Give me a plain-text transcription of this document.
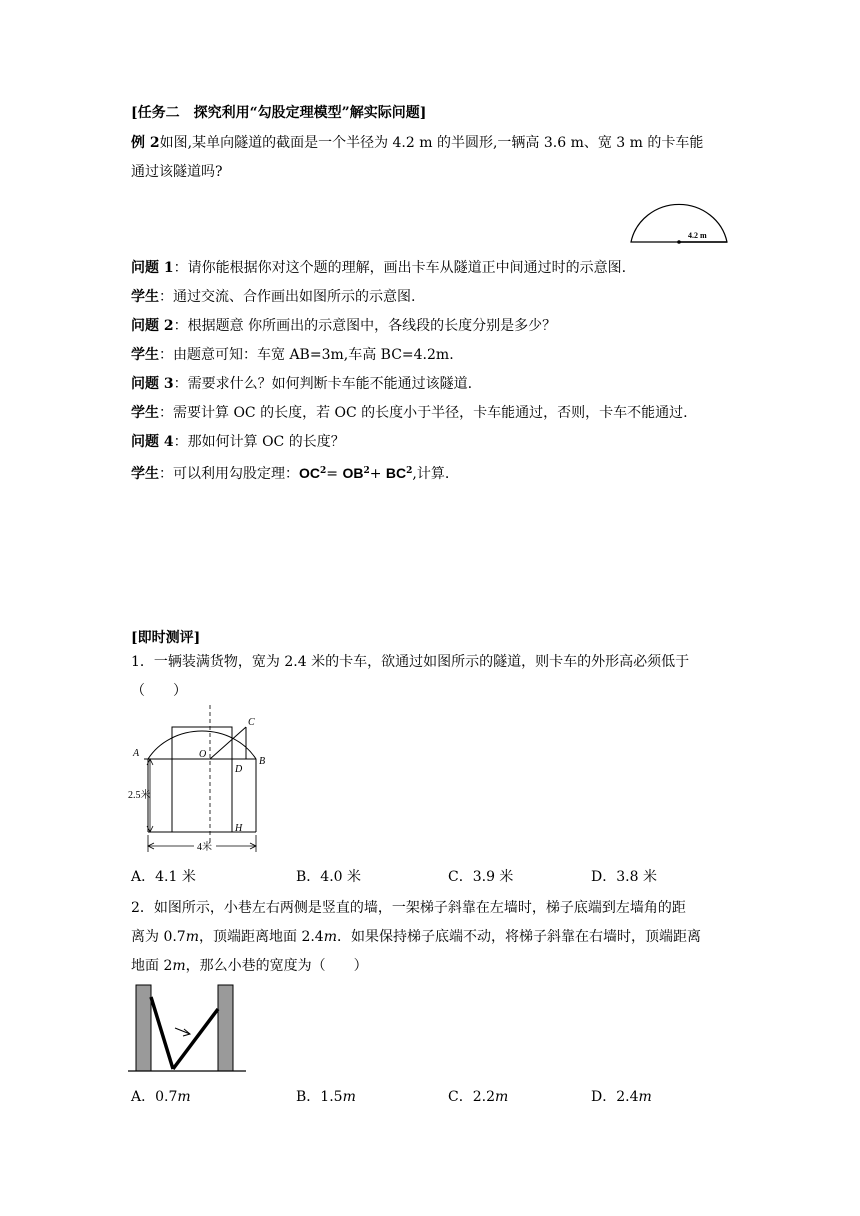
[任务二　探究利用“勾股定理模型”解实际问题]
例 2如图,某单向隧道的截面是一个半径为 4.2 m 的半圆形,一辆高 3.6 m、宽 3 m 的卡车能
通过该隧道吗?
4.2 m
问题 1：请你能根据你对这个题的理解，画出卡车从隧道正中间通过时的示意图.
学生：通过交流、合作画出如图所示的示意图.
问题 2：根据题意 你所画出的示意图中，各线段的长度分别是多少？
学生：由题意可知：车宽 AB=3m,车高 BC=4.2m.
问题 3：需要求什么？如何判断卡车能不能通过该隧道.
学生：需要计算 OC 的长度，若 OC 的长度小于半径，卡车能通过，否则，卡车不能通过.
问题 4：那如何计算 OC 的长度？
学生：可以利用勾股定理：$OC^2= OB^2+ BC^2$,计算.
[即时测评]
1．一辆装满货物，宽为 2.4 米的卡车，欲通过如图所示的隧道，则卡车的外形高必须低于
（　　）
A
B
C
D
O
H
2.5米
4米
A．4.1 米	B．4.0 米	C．3.9 米	D．3.8 米
2．如图所示，小巷左右两侧是竖直的墙，一架梯子斜靠在左墙时，梯子底端到左墙角的距
离为 0.7m，顶端距离地面 2.4m．如果保持梯子底端不动，将梯子斜靠在右墙时，顶端距离
地面 2m，那么小巷的宽度为（　　）
A．0.7m	B．1.5m	C．2.2m	D．2.4m
